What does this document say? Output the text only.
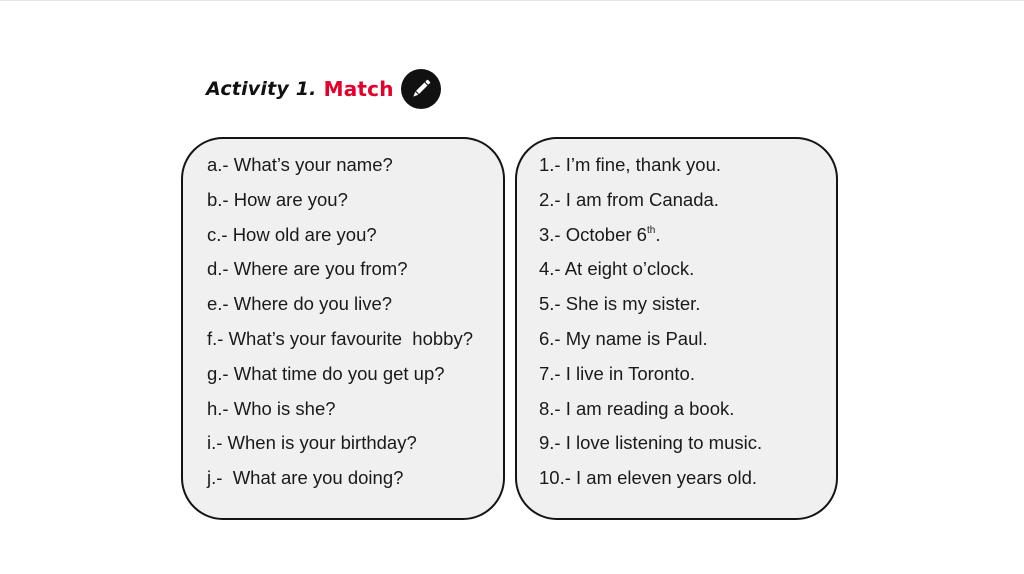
Activity 1. Match
a.- What’s your name?
b.- How are you?
c.- How old are you?
d.- Where are you from?
e.- Where do you live?
f.- What’s your favourite  hobby?
g.- What time do you get up?
h.- Who is she?
i.- When is your birthday?
j.-  What are you doing?
1.- I’m fine, thank you.
2.- I am from Canada.
3.- October 6th.
4.- At eight o’clock.
5.- She is my sister.
6.- My name is Paul.
7.- I live in Toronto.
8.- I am reading a book.
9.- I love listening to music.
10.- I am eleven years old.
